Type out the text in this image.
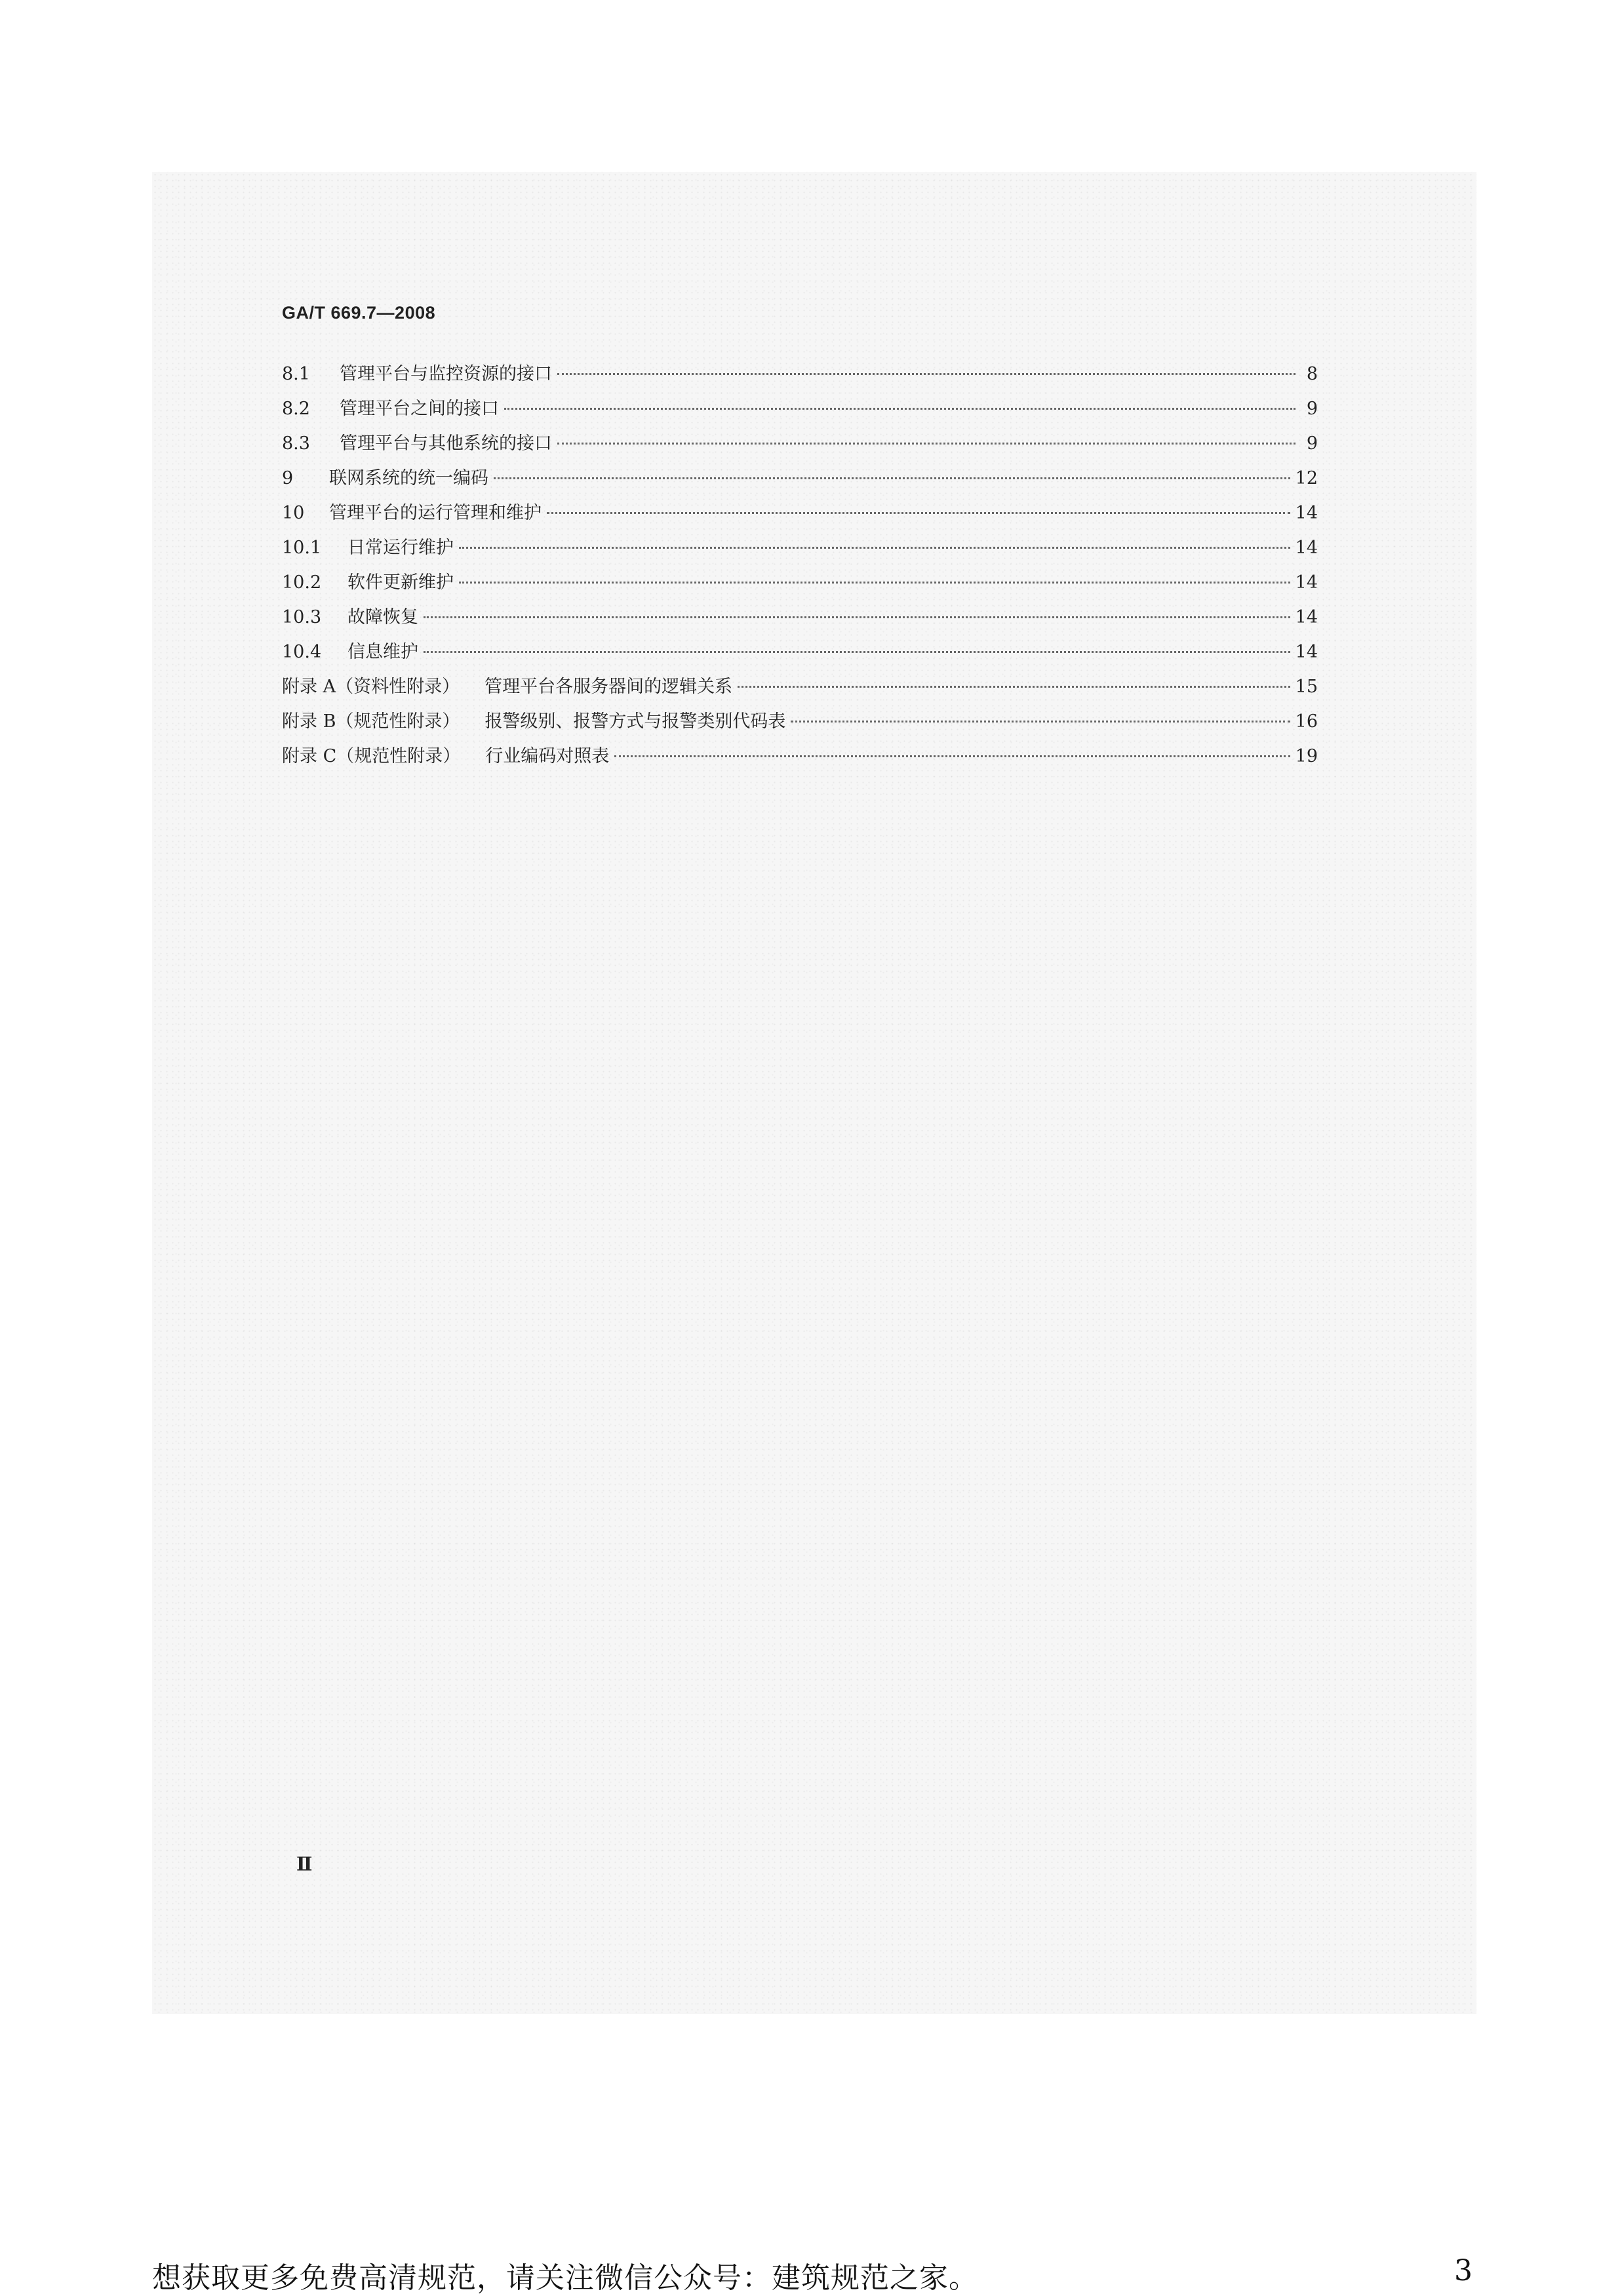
GA/T 669.7—2008
8.1	管理平台与监控资源的接口	8
8.2	管理平台之间的接口	9
8.3	管理平台与其他系统的接口	9
9	联网系统的统一编码	12
10	管理平台的运行管理和维护	14
10.1	日常运行维护	14
10.2	软件更新维护	14
10.3	故障恢复	14
10.4	信息维护	14
附录 A（资料性附录） 管理平台各服务器间的逻辑关系	15
附录 B（规范性附录） 报警级别、报警方式与报警类别代码表	16
附录 C（规范性附录） 行业编码对照表	19
Ⅱ
想获取更多免费高清规范，请关注微信公众号：建筑规范之家。	3
